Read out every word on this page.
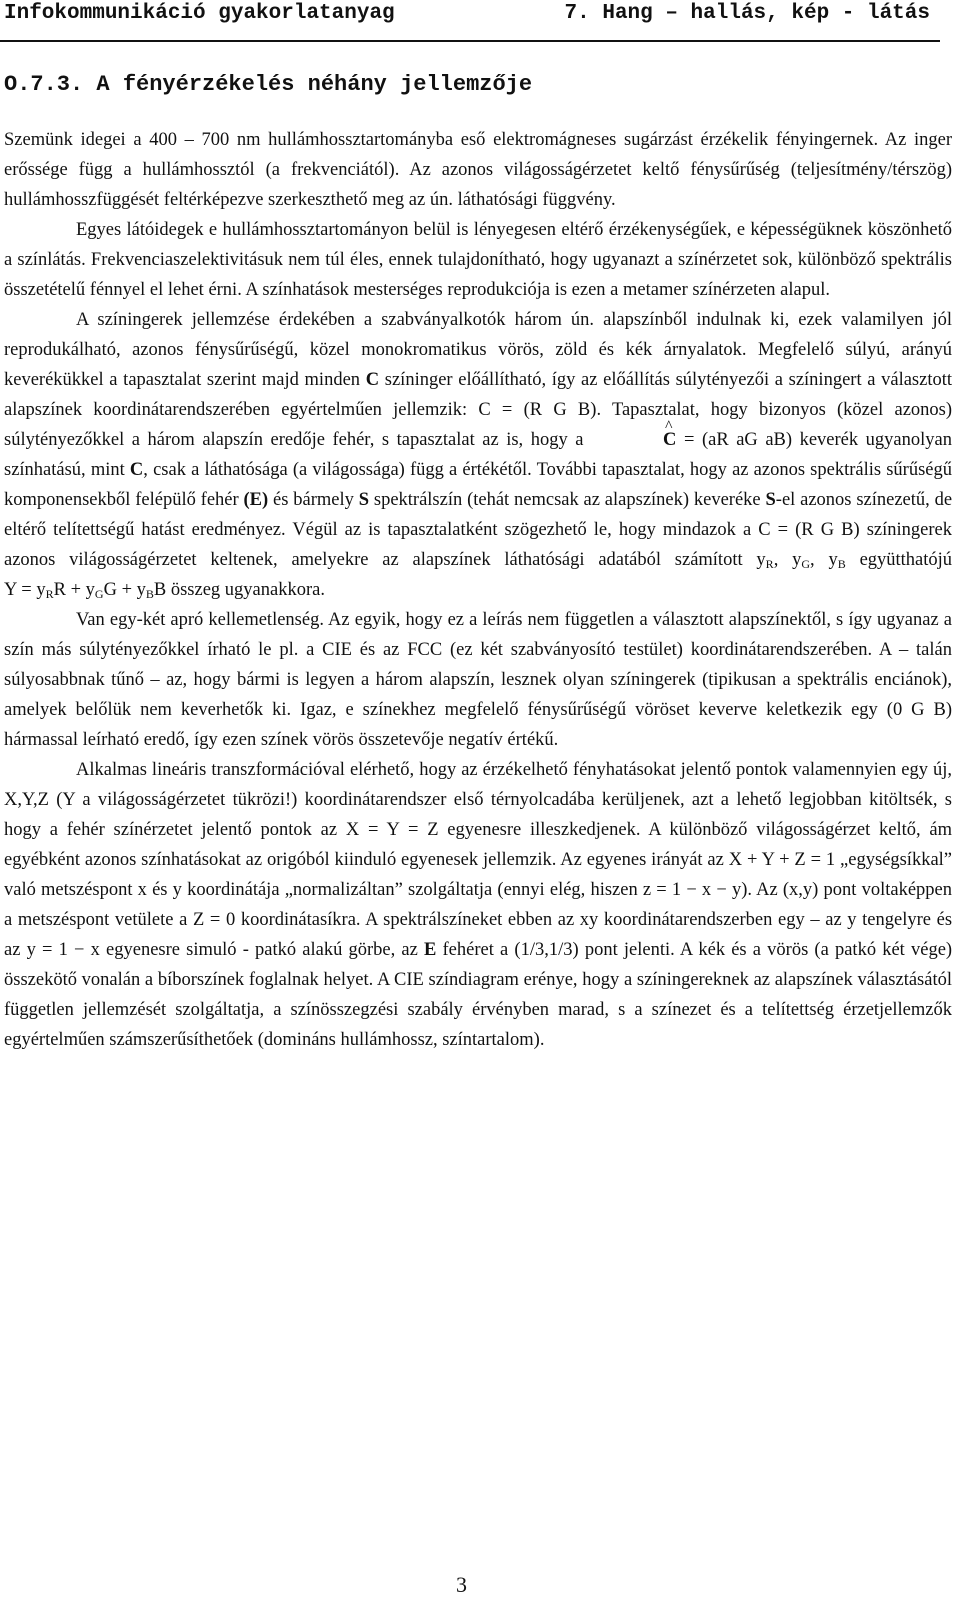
Infokommunikáció gyakorlatanyag	7. Hang – hallás, kép - látás
O.7.3. A fényérzékelés néhány jellemzője

Szemünk idegei a 400 – 700 nm hullámhossztartományba eső elektromágneses sugárzást érzékelik fényingernek. Az inger erőssége függ a hullámhossztól (a frekvenciától). Az azonos világosságérzetet keltő fénysűrűség (teljesítmény/térszög) hullámhosszfüggését feltérképezve szerkeszthető meg az ún. láthatósági függvény.

Egyes látóidegek e hullámhossztartományon belül is lényegesen eltérő érzékenységűek, e képességüknek köszönhető a színlátás. Frekvenciaszelektivitásuk nem túl éles, ennek tulajdonítható, hogy ugyanazt a színérzetet sok, különböző spektrális összetételű fénnyel el lehet érni. A színhatások mesterséges reprodukciója is ezen a metamer színérzeten alapul.

A színingerek jellemzése érdekében a szabványalkotók három ún. alapszínből indulnak ki, ezek valamilyen jól reprodukálható, azonos fénysűrűségű, közel monokromatikus vörös, zöld és kék árnyalatok. Megfelelő súlyú, arányú keverékükkel a tapasztalat szerint majd minden C színinger előállítható, így az előállítás súlytényezői a színingert a választott alapszínek koordinátarendszerében egyértelműen jellemzik: C = (R G B). Tapasztalat, hogy bizonyos (közel azonos) súlytényezőkkel a három alapszín eredője fehér, s tapasztalat az is, hogy a ^	C = (aR aG aB) keverék ugyanolyan színhatású, mint C, csak a láthatósága (a világossága) függ a értékétől. További tapasztalat, hogy az azonos spektrális sűrűségű komponensekből felépülő fehér (E) és bármely S spektrálszín (tehát nemcsak az alapszínek) keveréke S-el azonos színezetű, de eltérő telítettségű hatást eredményez. Végül az is tapasztalatként szögezhető le, hogy mindazok a C = (R G B) színingerek azonos világosságérzetet keltenek, amelyekre az alapszínek láthatósági adatából számított $y_R$, $y_G$, $y_B$ együtthatójú $Y = y_RR + y_GG + y_BB$ összeg ugyanakkora.

Van egy-két apró kellemetlenség. Az egyik, hogy ez a leírás nem független a választott alapszínektől, s így ugyanaz a szín más súlytényezőkkel írható le pl. a CIE és az FCC (ez két szabványosító testület) koordinátarendszerében. A – talán súlyosabbnak tűnő – az, hogy bármi is legyen a három alapszín, lesznek olyan színingerek (tipikusan a spektrális enciánok), amelyek belőlük nem keverhetők ki. Igaz, e színekhez megfelelő fénysűrűségű vöröset keverve keletkezik egy (0 G B) hármassal leírható eredő, így ezen színek vörös összetevője negatív értékű.

Alkalmas lineáris transzformációval elérhető, hogy az érzékelhető fényhatásokat jelentő pontok valamennyien egy új, X,Y,Z (Y a világosságérzetet tükrözi!) koordinátarendszer első térnyolcadába kerüljenek, azt a lehető legjobban kitöltsék, s hogy a fehér színérzetet jelentő pontok az X = Y = Z egyenesre illeszkedjenek. A különböző világosságérzet keltő, ám egyébként azonos színhatásokat az origóból kiinduló egyenesek jellemzik. Az egyenes irányát az X + Y + Z = 1 „egységsíkkal” való metszéspont x és y koordinátája „normalizáltan” szolgáltatja (ennyi elég, hiszen z = 1 − x − y). Az (x,y) pont voltaképpen a metszéspont vetülete a Z = 0 koordinátasíkra. A spektrálszíneket ebben az xy koordinátarendszerben egy – az y tengelyre és az y = 1 − x egyenesre simuló - patkó alakú görbe, az E fehéret a (1/3,1/3) pont jelenti. A kék és a vörös (a patkó két vége) összekötő vonalán a bíborszínek foglalnak helyet. A CIE színdiagram erénye, hogy a színingereknek az alapszínek választásától független jellemzését szolgáltatja, a színösszegzési szabály érvényben marad, s a színezet és a telítettség érzetjellemzők egyértelműen számszerűsíthetőek (domináns hullámhossz, színtartalom).

3
